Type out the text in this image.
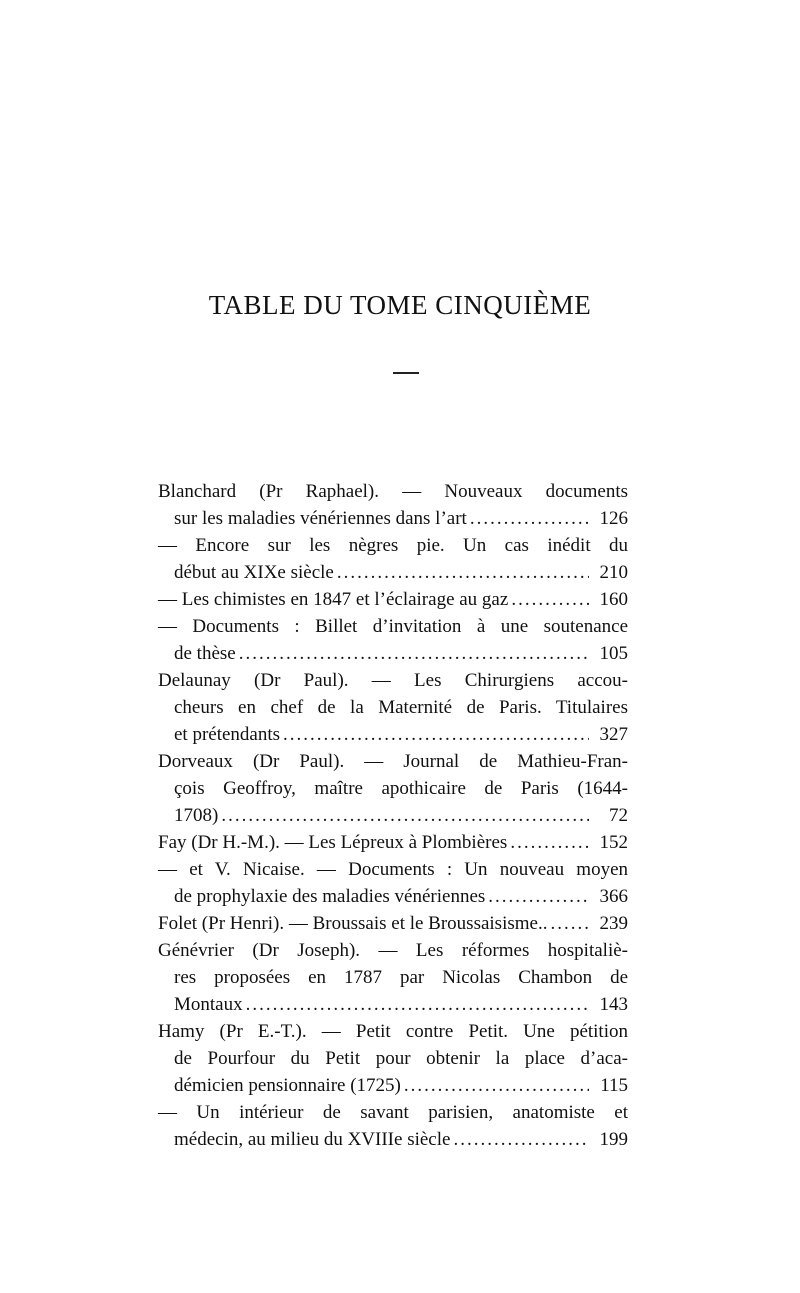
TABLE DU TOME CINQUIÈME
Blanchard (Pr Raphael). — Nouveaux documents
sur les maladies vénériennes dans l’art .....	126
— Encore sur les nègres pie. Un cas inédit du
début au XIXe siècle .....	210
— Les chimistes en 1847 et l’éclairage au gaz .....	160
— Documents : Billet d’invitation à une soutenance
de thèse .....	105
Delaunay (Dr Paul). — Les Chirurgiens accou-
cheurs en chef de la Maternité de Paris. Titulaires
et prétendants .....	327
Dorveaux (Dr Paul). — Journal de Mathieu-Fran-
çois Geoffroy, maître apothicaire de Paris (1644-
1708) .....	72
Fay (Dr H.-M.). — Les Lépreux à Plombières .....	152
— et V. Nicaise. — Documents : Un nouveau moyen
de prophylaxie des maladies vénériennes .....	366
Folet (Pr Henri). — Broussais et le Broussaisisme.. .....	239
Génévrier (Dr Joseph). — Les réformes hospitaliè-
res proposées en 1787 par Nicolas Chambon de
Montaux .....	143
Hamy (Pr E.-T.). — Petit contre Petit. Une pétition
de Pourfour du Petit pour obtenir la place d’aca-
démicien pensionnaire (1725) .....	115
— Un intérieur de savant parisien, anatomiste et
médecin, au milieu du XVIIIe siècle .....	199
